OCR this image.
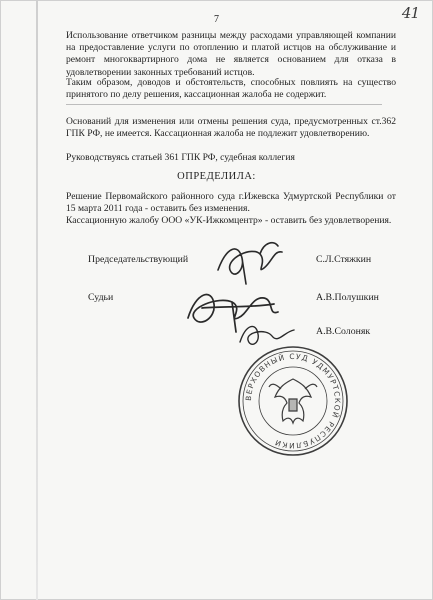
7	41

Использование ответчиком разницы между расходами управляющей компании на предоставление услуги по отоплению и платой истцов на обслуживание и ремонт многоквартирного дома не является основанием для отказа в удовлетворении законных требований истцов.

Таким образом, доводов и обстоятельств, способных повлиять на существо принятого по делу решения, кассационная жалоба не содержит.

Оснований для изменения или отмены решения суда, предусмотренных ст.362 ГПК РФ, не имеется. Кассационная жалоба не подлежит удовлетворению.

Руководствуясь статьей 361 ГПК РФ, судебная коллегия

ОПРЕДЕЛИЛА:

Решение Первомайского районного суда г.Ижевска Удмуртской Республики от 15 марта 2011 года - оставить без изменения.

Кассационную жалобу ООО «УК-Ижкомцентр» - оставить без удовлетворения.

Председательствующий	С.Л.Стяжкин
Судьи	А.В.Полушкин
А.В.Солоняк
ВЕРХОВНЫЙ СУД УДМУРТСКОЙ РЕСПУБЛИКИ
